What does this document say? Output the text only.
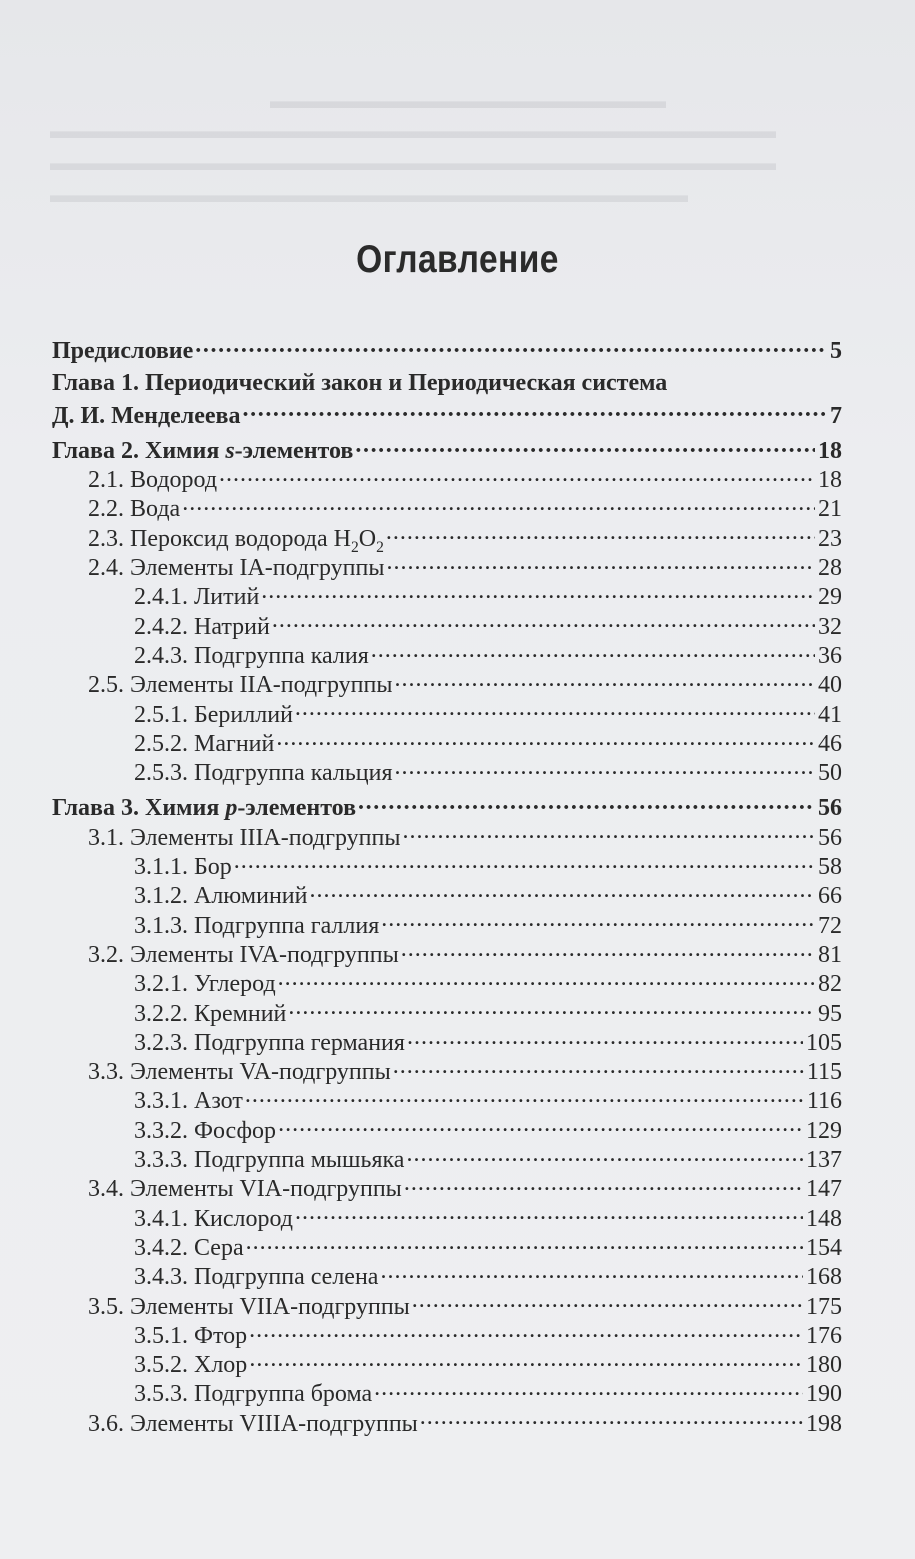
▬▬▬▬▬▬▬▬▬▬▬▬▬▬▬▬▬▬
▬▬▬▬▬▬▬▬▬▬▬▬▬▬▬▬▬▬▬▬▬▬▬▬▬▬▬▬▬▬▬▬▬
▬▬▬▬▬▬▬▬▬▬▬▬▬▬▬▬▬▬▬▬▬▬▬▬▬▬▬▬▬▬▬▬▬
▬▬▬▬▬▬▬▬▬▬▬▬▬▬▬▬▬▬▬▬▬▬▬▬▬▬▬▬▬
Оглавление
Предисловие .....	5
Глава 1. Периодический закон и Периодическая система
Д. И. Менделеева .....	7
Глава 2. Химия s-элементов .....	18
2.1. Водород .....	18
2.2. Вода .....	21
2.3. Пероксид водорода $H_2O_2$ .....	23
2.4. Элементы IA-подгруппы .....	28
2.4.1. Литий .....	29
2.4.2. Натрий .....	32
2.4.3. Подгруппа калия .....	36
2.5. Элементы IIA-подгруппы .....	40
2.5.1. Бериллий .....	41
2.5.2. Магний .....	46
2.5.3. Подгруппа кальция .....	50
Глава 3. Химия p-элементов .....	56
3.1. Элементы IIIA-подгруппы .....	56
3.1.1. Бор .....	58
3.1.2. Алюминий .....	66
3.1.3. Подгруппа галлия .....	72
3.2. Элементы IVA-подгруппы .....	81
3.2.1. Углерод .....	82
3.2.2. Кремний .....	95
3.2.3. Подгруппа германия .....	105
3.3. Элементы VA-подгруппы .....	115
3.3.1. Азот .....	116
3.3.2. Фосфор .....	129
3.3.3. Подгруппа мышьяка .....	137
3.4. Элементы VIA-подгруппы .....	147
3.4.1. Кислород .....	148
3.4.2. Сера .....	154
3.4.3. Подгруппа селена .....	168
3.5. Элементы VIIA-подгруппы .....	175
3.5.1. Фтор .....	176
3.5.2. Хлор .....	180
3.5.3. Подгруппа брома .....	190
3.6. Элементы VIIIA-подгруппы .....	198
